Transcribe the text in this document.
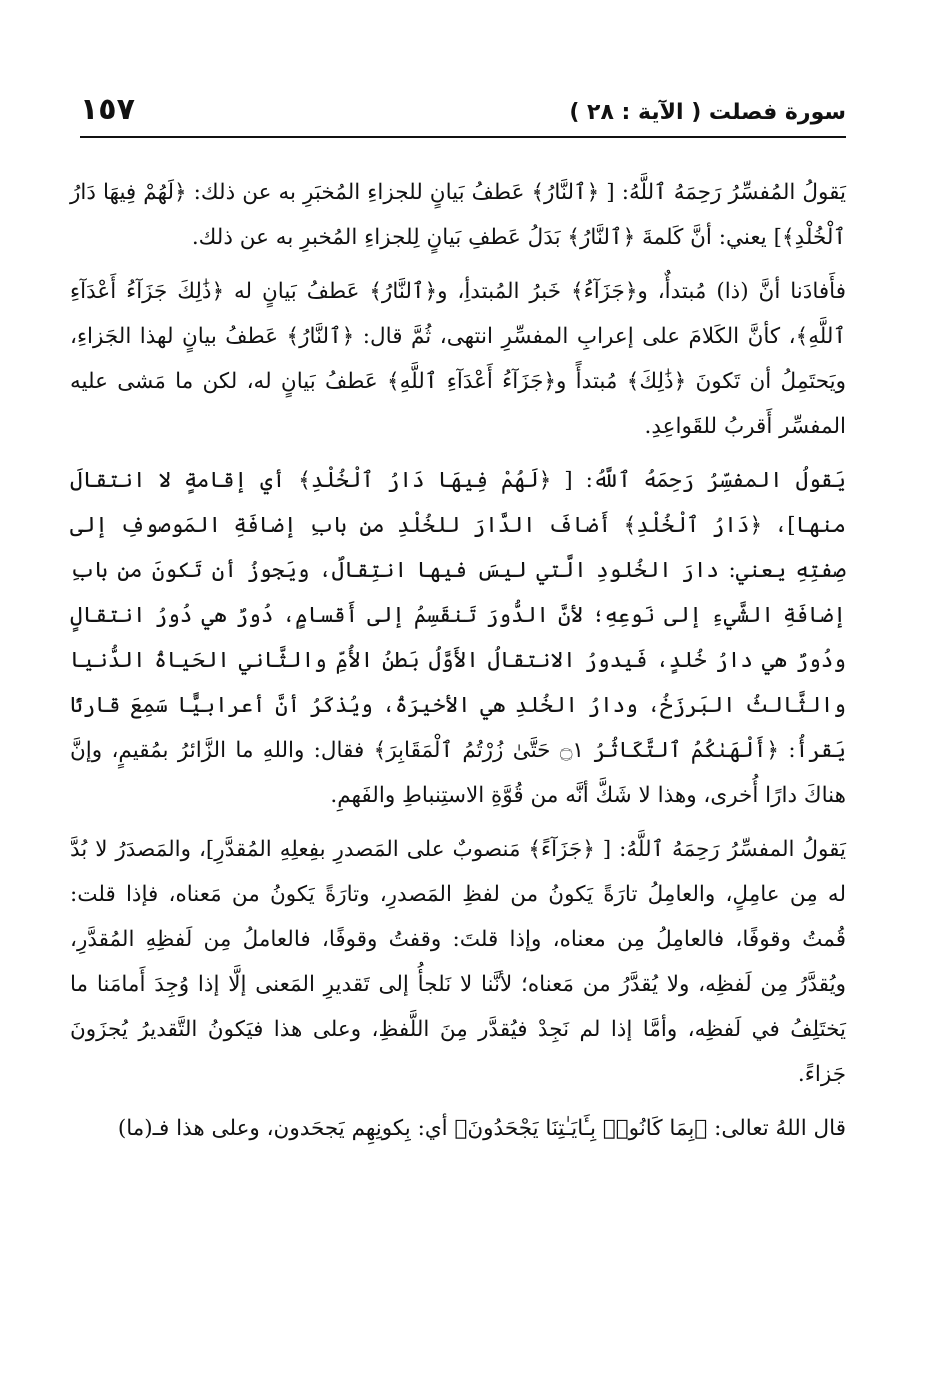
سورة فصلت ( الآية : ٢٨ )
١٥٧

يَقولُ المُفسِّرُ رَحِمَهُ ٱللَّهُ: [ ﴿ٱلنَّارُ﴾ عَطفُ بَيانٍ للجزاءِ المُخبَرِ به عن ذلك: ﴿لَهُمْ فِيهَا دَارُ ٱلْخُلْدِ﴾] يعني: أنَّ كَلمةَ ﴿ٱلنَّارُ﴾ بَدَلُ عَطفِ بَيانٍ لِلجزاءِ المُخبرِ به عن ذلك.

فأَفادَنا أنَّ (ذا) مُبتدأٌ، و﴿جَزَآءُ﴾ خَبرُ المُبتدأِ، و﴿ٱلنَّارُ﴾ عَطفُ بَيانٍ له ﴿ذَٰلِكَ جَزَآءُ أَعْدَآءِ ٱللَّهِ﴾، كأنَّ الكَلامَ على إعرابِ المفسِّرِ انتهى، ثُمَّ قال: ﴿ٱلنَّارُ﴾ عَطفُ بيانٍ لهذا الجَزاءِ، ويَحتَمِلُ أن تَكونَ ﴿ذَٰلِكَ﴾ مُبتدأً و﴿جَزَآءُ أَعْدَآءِ ٱللَّهِ﴾ عَطفُ بَيانٍ له، لكن ما مَشى عليه المفسِّر أَقربُ للقَواعِدِ.

يَقولُ المفسِّرُ رَحِمَهُ ٱللَّهُ: [ ﴿لَهُمْ فِيهَا دَارُ ٱلْخُلْدِ﴾ أي إقامةٍ لا انتقالَ منها]، ﴿دَارُ ٱلْخُلْدِ﴾ أَضافَ الدَّارَ للخُلْدِ من بابِ إضافَةِ المَوصوفِ إلى صِفتِهِ يعني: دارَ الخُلودِ الَّتي ليسَ فيها انتِقالٌ، ويَجوزُ أن تَكونَ من بابِ إضافَةِ الشَّيءِ إلى نَوعِهِ؛ لأنَّ الدُّورَ تَنقَسِمُ إلى أَقسامٍ، دُورٌ هي دُورُ انتقالٍ ودُورٌ هي دارُ خُلدٍ، فَيدورُ الانتقالُ الأَوَّلُ بَطنُ الأُمِّ والثَّاني الحَياةُ الدُّنيا والثَّالثُ البَرزَخُ، ودارُ الخُلدِ هي الأخيرَةُ، ويُذكَرُ أنَّ أعرابيًّا سَمِعَ قارئًا يَقرأُ: ﴿أَلْهَىٰكُمُ ٱلتَّكَاثُرُ ۝١ حَتَّىٰ زُرْتُمُ ٱلْمَقَابِرَ﴾ فقال: واللهِ ما الزَّائرُ بمُقيمٍ، وإنَّ هناكَ دارًا أُخرى، وهذا لا شَكَّ أنَّه من قُوَّةِ الاستِنباطِ والفَهمِ.

يَقولُ المفسِّرُ رَحِمَهُ ٱللَّهُ: [ ﴿جَزَآءً﴾ مَنصوبٌ على المَصدرِ بفِعلِهِ المُقدَّرِ]، والمَصدَرُ لا بُدَّ له مِن عامِلٍ، والعامِلُ تارَةً يَكونُ من لفظِ المَصدرِ، وتارَةً يَكونُ من مَعناه، فإذا قلت: قُمتُ وقوفًا، فالعامِلُ مِن معناه، وإذا قلتَ: وقفتُ وقوفًا، فالعاملُ مِن لَفظِهِ المُقدَّرِ، ويُقدَّرُ مِن لَفظِه، ولا يُقدَّرُ من مَعناه؛ لأنَّنا لا نَلجأُ إلى تَقديرِ المَعنى إلَّا إذا وُجِدَ أَمامَنا ما يَختَلِفُ في لَفظِه، وأمَّا إذا لم نَجِدْ فيُقدَّر مِنَ اللَّفظِ، وعلى هذا فيَكونُ التَّقديرُ يُجزَونَ جَزاءً.

قال اللهُ تعالى: ﴿بِمَا كَانُوا۟ بِـَٔايَـٰتِنَا يَجْحَدُونَ﴾ أي: بِكونِهِم يَجحَدون، وعلى هذا فـ(ما)
